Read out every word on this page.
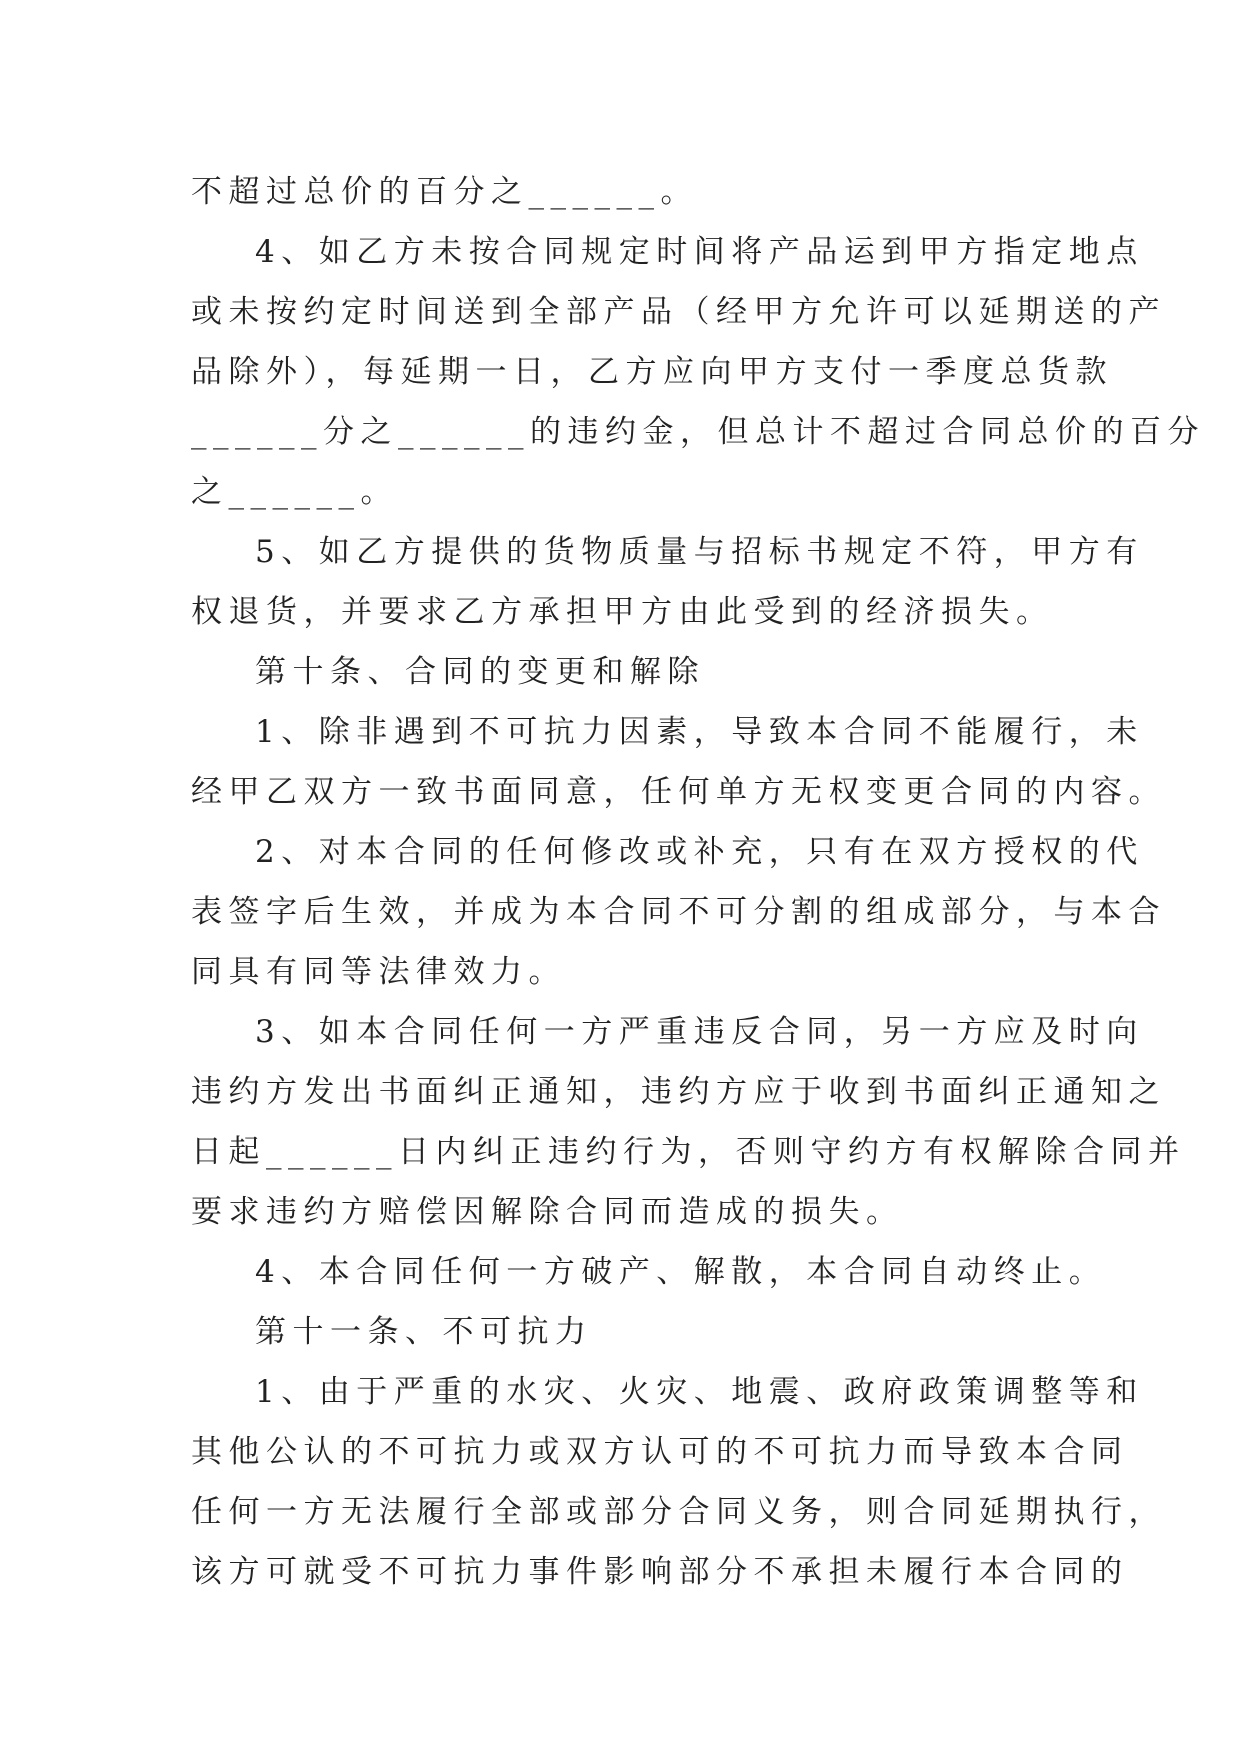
不超过总价的百分之______。
4、如乙方未按合同规定时间将产品运到甲方指定地点
或未按约定时间送到全部产品（经甲方允许可以延期送的产
品除外），每延期一日，乙方应向甲方支付一季度总货款
______分之______的违约金，但总计不超过合同总价的百分
之______。
5、如乙方提供的货物质量与招标书规定不符，甲方有
权退货，并要求乙方承担甲方由此受到的经济损失。
第十条、合同的变更和解除
1、除非遇到不可抗力因素，导致本合同不能履行，未
经甲乙双方一致书面同意，任何单方无权变更合同的内容。
2、对本合同的任何修改或补充，只有在双方授权的代
表签字后生效，并成为本合同不可分割的组成部分，与本合
同具有同等法律效力。
3、如本合同任何一方严重违反合同，另一方应及时向
违约方发出书面纠正通知，违约方应于收到书面纠正通知之
日起______日内纠正违约行为，否则守约方有权解除合同并
要求违约方赔偿因解除合同而造成的损失。
4、本合同任何一方破产、解散，本合同自动终止。
第十一条、不可抗力
1、由于严重的水灾、火灾、地震、政府政策调整等和
其他公认的不可抗力或双方认可的不可抗力而导致本合同
任何一方无法履行全部或部分合同义务，则合同延期执行，
该方可就受不可抗力事件影响部分不承担未履行本合同的
